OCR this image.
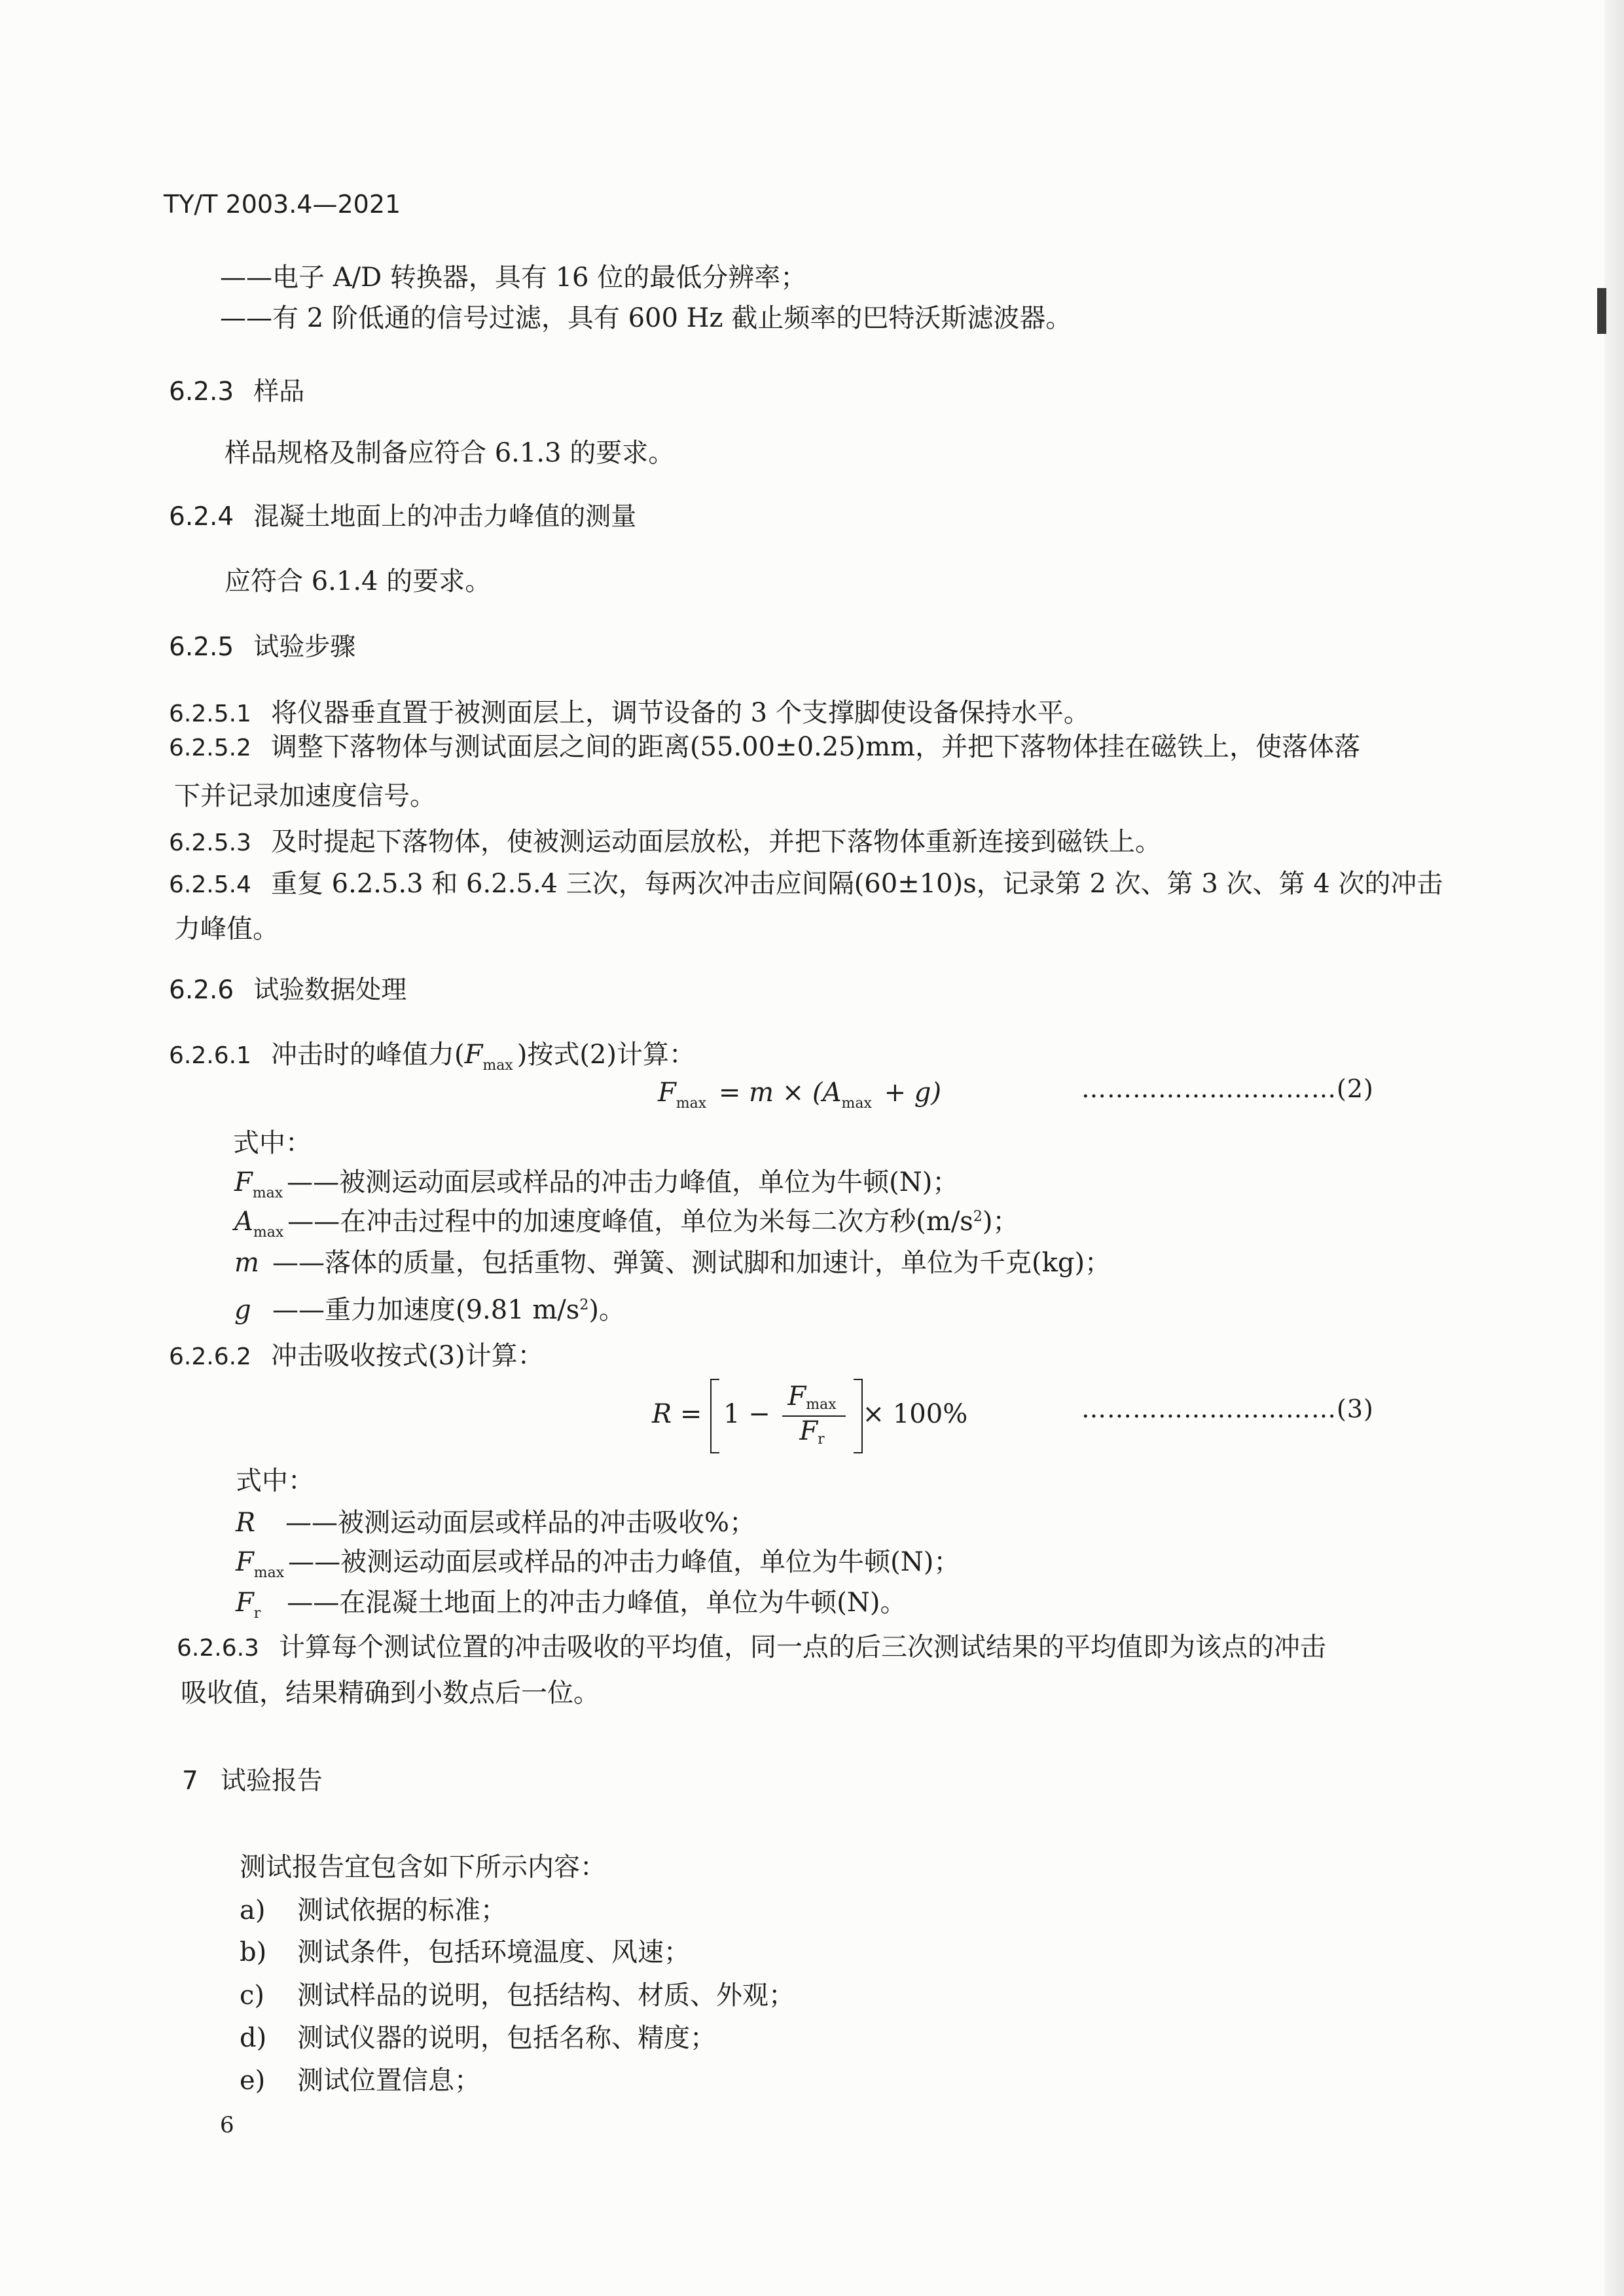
TY/T 2003.4—2021
——电子 A/D 转换器，具有 16 位的最低分辨率；
——有 2 阶低通的信号过滤，具有 600 Hz 截止频率的巴特沃斯滤波器。
6.2.3 样品
样品规格及制备应符合 6.1.3 的要求。
6.2.4 混凝土地面上的冲击力峰值的测量
应符合 6.1.4 的要求。
6.2.5 试验步骤
6.2.5.1 将仪器垂直置于被测面层上，调节设备的 3 个支撑脚使设备保持水平。
6.2.5.2 调整下落物体与测试面层之间的距离(55.00±0.25)mm，并把下落物体挂在磁铁上，使落体落
下并记录加速度信号。
6.2.5.3 及时提起下落物体，使被测运动面层放松，并把下落物体重新连接到磁铁上。
6.2.5.4 重复 6.2.5.3 和 6.2.5.4 三次，每两次冲击应间隔(60±10)s，记录第 2 次、第 3 次、第 4 次的冲击
力峰值。
6.2.6 试验数据处理
6.2.6.1 冲击时的峰值力($F_{max}$ )按式(2)计算：
$F_{max} = m \times (A_{max} + g)$	…………………………(2)
式中：
$F_{max}$ ——被测运动面层或样品的冲击力峰值，单位为牛顿(N)；
$A_{max}$ ——在冲击过程中的加速度峰值，单位为米每二次方秒$(m/s^2)$；
m ——落体的质量，包括重物、弹簧、测试脚和加速计，单位为千克(kg)；
g ——重力加速度(9.81 $m/s^2$)。
6.2.6.2 冲击吸收按式(3)计算：
$R = 1 - \frac{Fmax}{Fr} \times 100\%$	…………………………(3)
式中：
R ——被测运动面层或样品的冲击吸收%；
$F_{max}$ ——被测运动面层或样品的冲击力峰值，单位为牛顿(N)；
$F_r$ ——在混凝土地面上的冲击力峰值，单位为牛顿(N)。
6.2.6.3 计算每个测试位置的冲击吸收的平均值，同一点的后三次测试结果的平均值即为该点的冲击
吸收值，结果精确到小数点后一位。
7 试验报告
测试报告宜包含如下所示内容：
a) 测试依据的标准；
b) 测试条件，包括环境温度、风速；
c) 测试样品的说明，包括结构、材质、外观；
d) 测试仪器的说明，包括名称、精度；
e) 测试位置信息；
6
